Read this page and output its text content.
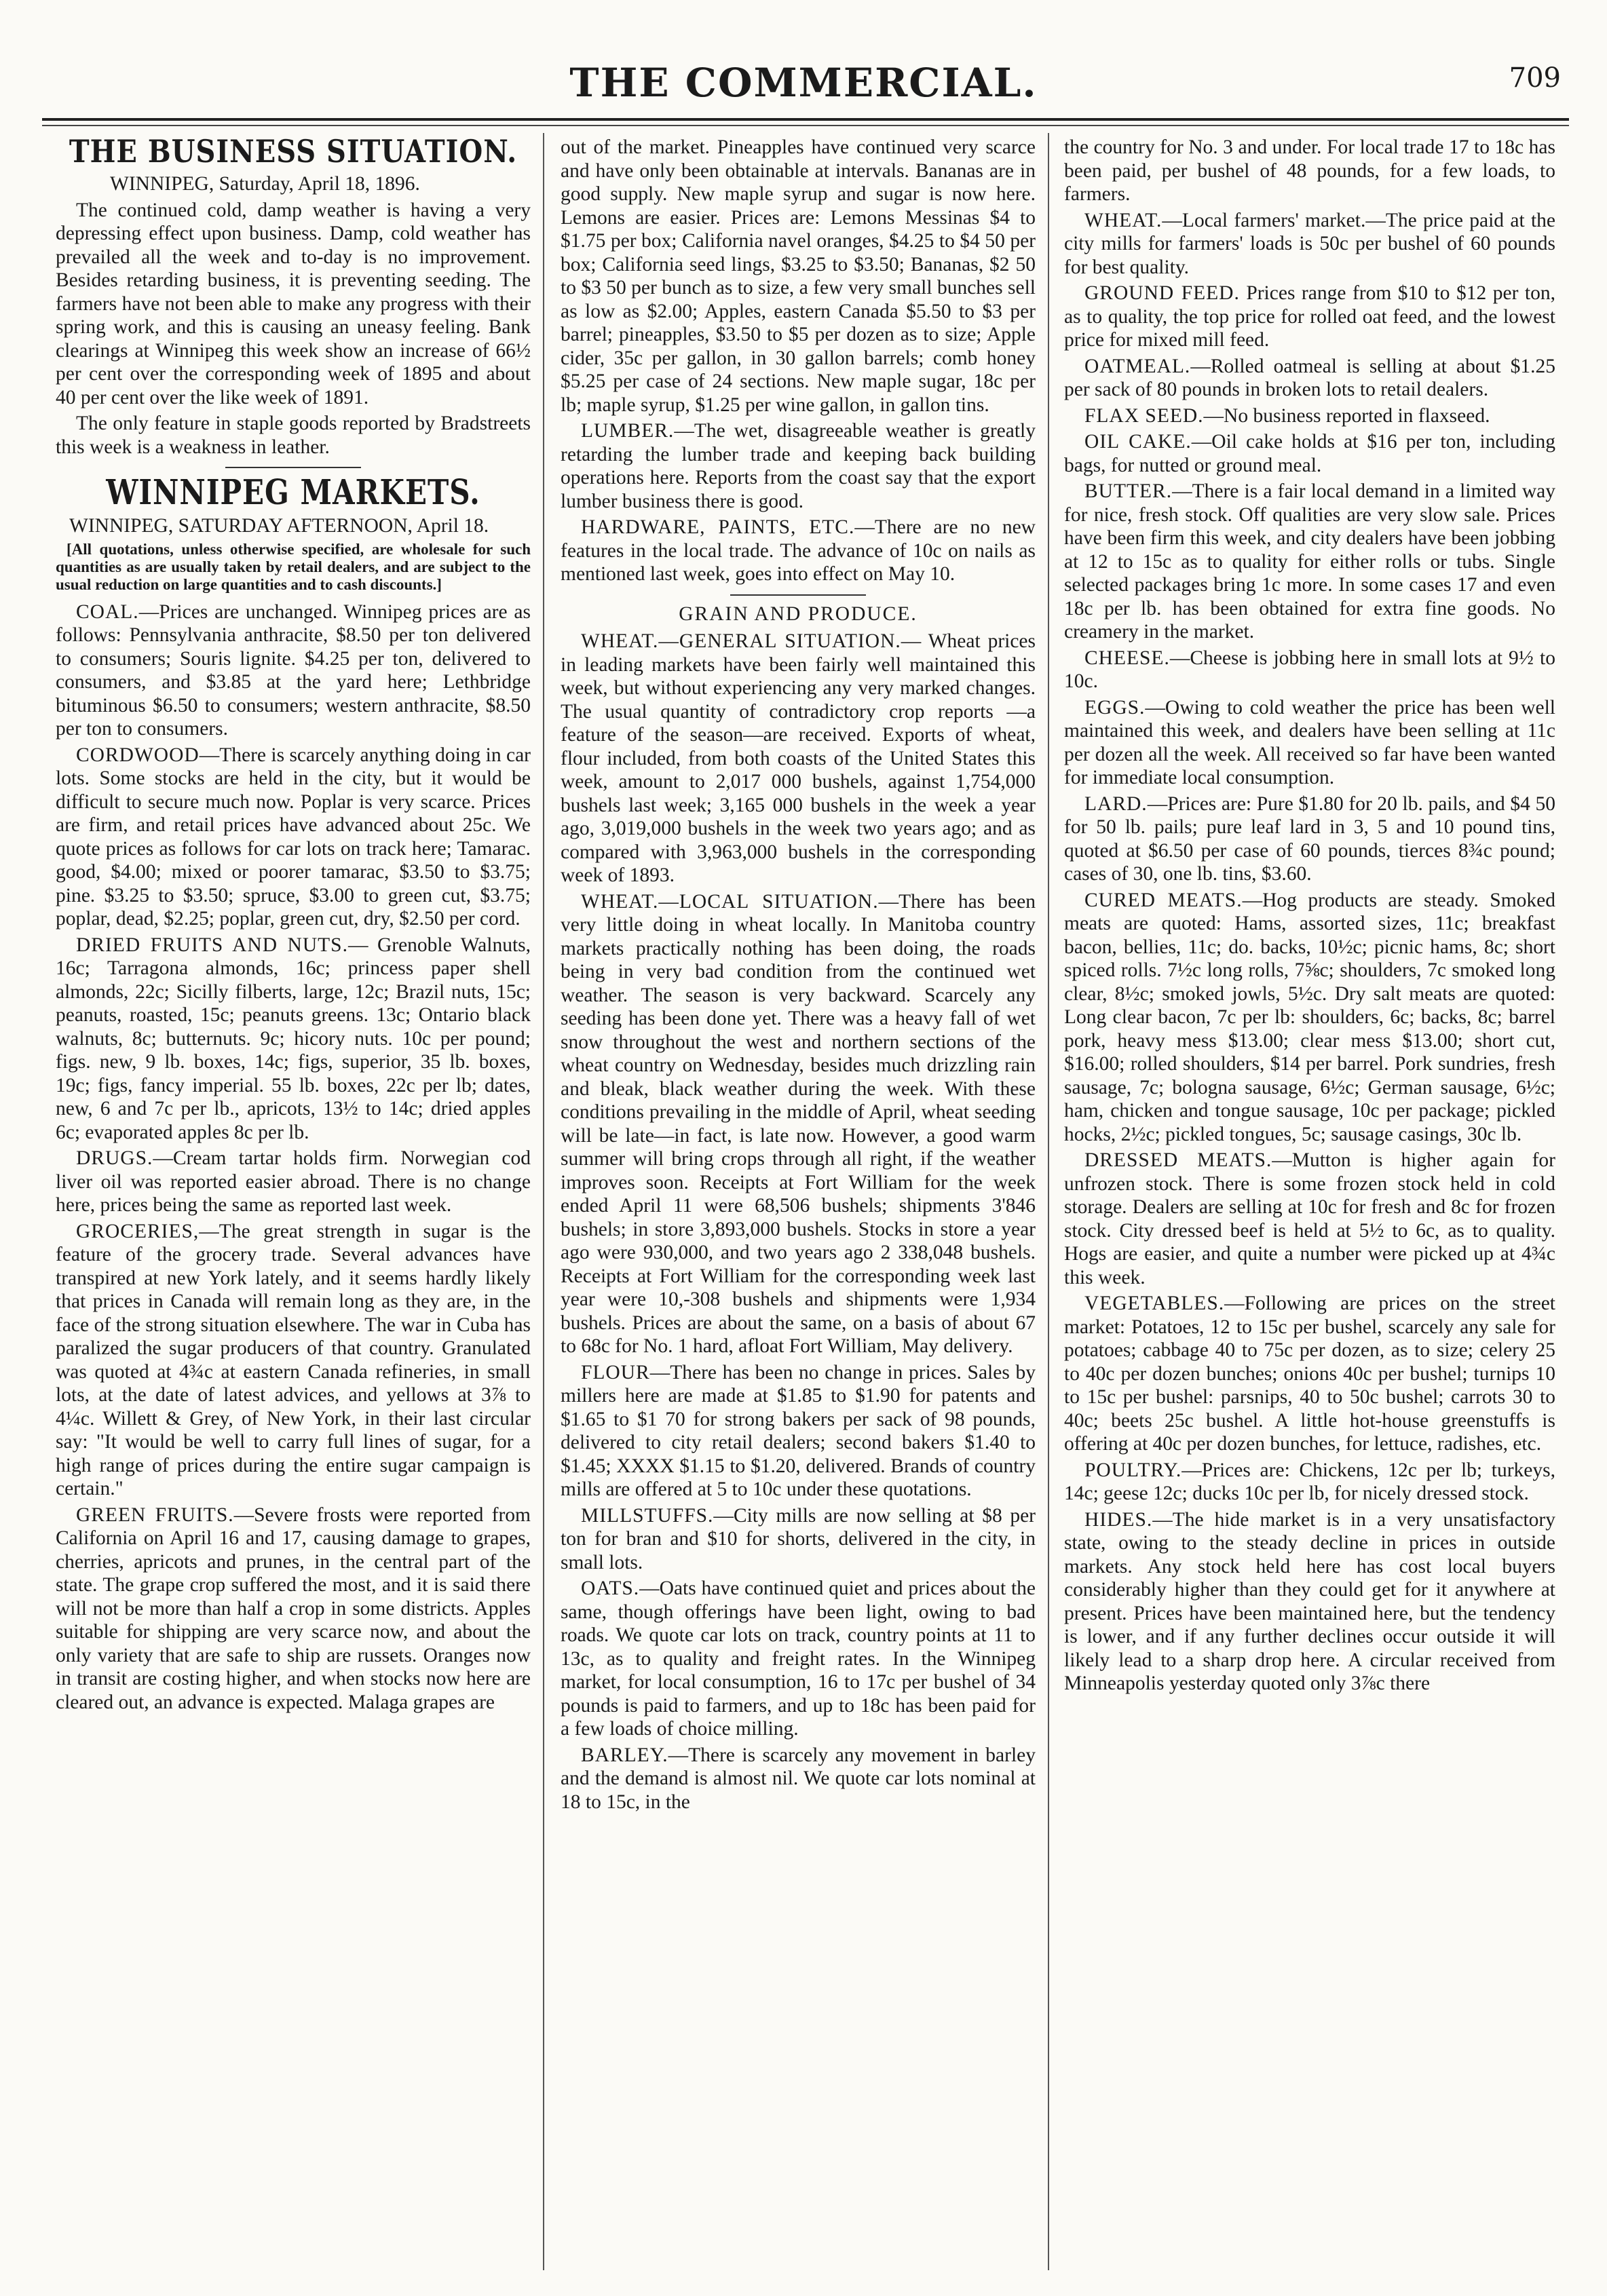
THE COMMERCIAL.	709
THE BUSINESS SITUATION.

WINNIPEG, Saturday, April 18, 1896.

The continued cold, damp weather is having a very depressing effect upon business. Damp, cold weather has prevailed all the week and to-day is no improvement. Besides retarding business, it is preventing seeding. The farmers have not been able to make any progress with their spring work, and this is causing an uneasy feeling. Bank clearings at Winnipeg this week show an increase of 66½ per cent over the corresponding week of 1895 and about 40 per cent over the like week of 1891.

The only feature in staple goods reported by Bradstreets this week is a weakness in leather.

WINNIPEG MARKETS.

WINNIPEG, SATURDAY AFTERNOON, April 18.

[All quotations, unless otherwise specified, are wholesale for such quantities as are usually taken by retail dealers, and are subject to the usual reduction on large quantities and to cash discounts.]

COAL.—Prices are unchanged. Winnipeg prices are as follows: Pennsylvania anthracite, $8.50 per ton delivered to consumers; Souris lignite. $4.25 per ton, delivered to consumers, and $3.85 at the yard here; Lethbridge bituminous $6.50 to consumers; western anthracite, $8.50 per ton to consumers.

CORDWOOD—There is scarcely anything doing in car lots. Some stocks are held in the city, but it would be difficult to secure much now. Poplar is very scarce. Prices are firm, and retail prices have advanced about 25c. We quote prices as follows for car lots on track here; Tamarac. good, $4.00; mixed or poorer tamarac, $3.50 to $3.75; pine. $3.25 to $3.50; spruce, $3.00 to green cut, $3.75; poplar, dead, $2.25; poplar, green cut, dry, $2.50 per cord.

DRIED FRUITS AND NUTS.— Grenoble Walnuts, 16c; Tarragona almonds, 16c; princess paper shell almonds, 22c; Sicilly filberts, large, 12c; Brazil nuts, 15c; peanuts, roasted, 15c; peanuts greens. 13c; Ontario black walnuts, 8c; butternuts. 9c; hicory nuts. 10c per pound; figs. new, 9 lb. boxes, 14c; figs, superior, 35 lb. boxes, 19c; figs, fancy imperial. 55 lb. boxes, 22c per lb; dates, new, 6 and 7c per lb., apricots, 13½ to 14c; dried apples 6c; evaporated apples 8c per lb.

DRUGS.—Cream tartar holds firm. Norwegian cod liver oil was reported easier abroad. There is no change here, prices being the same as reported last week.

GROCERIES,—The great strength in sugar is the feature of the grocery trade. Several advances have transpired at new York lately, and it seems hardly likely that prices in Canada will remain long as they are, in the face of the strong situation elsewhere. The war in Cuba has paralized the sugar producers of that country. Granulated was quoted at 4¾c at eastern Canada refineries, in small lots, at the date of latest advices, and yellows at 3⅞ to 4¼c. Willett & Grey, of New York, in their last circular say: "It would be well to carry full lines of sugar, for a high range of prices during the entire sugar campaign is certain."

GREEN FRUITS.—Severe frosts were reported from California on April 16 and 17, causing damage to grapes, cherries, apricots and prunes, in the central part of the state. The grape crop suffered the most, and it is said there will not be more than half a crop in some districts. Apples suitable for shipping are very scarce now, and about the only variety that are safe to ship are russets. Oranges now in transit are costing higher, and when stocks now here are cleared out, an advance is expected. Malaga grapes are

out of the market. Pineapples have continued very scarce and have only been obtainable at intervals. Bananas are in good supply. New maple syrup and sugar is now here. Lemons are easier. Prices are: Lemons Messinas $4 to $1.75 per box; California navel oranges, $4.25 to $4 50 per box; California seed lings, $3.25 to $3.50; Bananas, $2 50 to $3 50 per bunch as to size, a few very small bunches sell as low as $2.00; Apples, eastern Canada $5.50 to $3 per barrel; pineapples, $3.50 to $5 per dozen as to size; Apple cider, 35c per gallon, in 30 gallon barrels; comb honey $5.25 per case of 24 sections. New maple sugar, 18c per lb; maple syrup, $1.25 per wine gallon, in gallon tins.

LUMBER.—The wet, disagreeable weather is greatly retarding the lumber trade and keeping back building operations here. Reports from the coast say that the export lumber business there is good.

HARDWARE, PAINTS, ETC.—There are no new features in the local trade. The advance of 10c on nails as mentioned last week, goes into effect on May 10.

GRAIN AND PRODUCE.

WHEAT.—GENERAL SITUATION.— Wheat prices in leading markets have been fairly well maintained this week, but without experiencing any very marked changes. The usual quantity of contradictory crop reports —a feature of the season—are received. Exports of wheat, flour included, from both coasts of the United States this week, amount to 2,017 000 bushels, against 1,754,000 bushels last week; 3,165 000 bushels in the week a year ago, 3,019,000 bushels in the week two years ago; and as compared with 3,963,000 bushels in the corresponding week of 1893.

WHEAT.—LOCAL SITUATION.—There has been very little doing in wheat locally. In Manitoba country markets practically nothing has been doing, the roads being in very bad condition from the continued wet weather. The season is very backward. Scarcely any seeding has been done yet. There was a heavy fall of wet snow throughout the west and northern sections of the wheat country on Wednesday, besides much drizzling rain and bleak, black weather during the week. With these conditions prevailing in the middle of April, wheat seeding will be late—in fact, is late now. However, a good warm summer will bring crops through all right, if the weather improves soon. Receipts at Fort William for the week ended April 11 were 68,506 bushels; shipments 3'846 bushels; in store 3,893,000 bushels. Stocks in store a year ago were 930,000, and two years ago 2 338,048 bushels. Receipts at Fort William for the corresponding week last year were 10,-308 bushels and shipments were 1,934 bushels. Prices are about the same, on a basis of about 67 to 68c for No. 1 hard, afloat Fort William, May delivery.

FLOUR—There has been no change in prices. Sales by millers here are made at $1.85 to $1.90 for patents and $1.65 to $1 70 for strong bakers per sack of 98 pounds, delivered to city retail dealers; second bakers $1.40 to $1.45; XXXX $1.15 to $1.20, delivered. Brands of country mills are offered at 5 to 10c under these quotations.

MILLSTUFFS.—City mills are now selling at $8 per ton for bran and $10 for shorts, delivered in the city, in small lots.

OATS.—Oats have continued quiet and prices about the same, though offerings have been light, owing to bad roads. We quote car lots on track, country points at 11 to 13c, as to quality and freight rates. In the Winnipeg market, for local consumption, 16 to 17c per bushel of 34 pounds is paid to farmers, and up to 18c has been paid for a few loads of choice milling.

BARLEY.—There is scarcely any movement in barley and the demand is almost nil. We quote car lots nominal at 18 to 15c, in the

the country for No. 3 and under. For local trade 17 to 18c has been paid, per bushel of 48 pounds, for a few loads, to farmers.

WHEAT.—Local farmers' market.—The price paid at the city mills for farmers' loads is 50c per bushel of 60 pounds for best quality.

GROUND FEED. Prices range from $10 to $12 per ton, as to quality, the top price for rolled oat feed, and the lowest price for mixed mill feed.

OATMEAL.—Rolled oatmeal is selling at about $1.25 per sack of 80 pounds in broken lots to retail dealers.

FLAX SEED.—No business reported in flaxseed.

OIL CAKE.—Oil cake holds at $16 per ton, including bags, for nutted or ground meal.

BUTTER.—There is a fair local demand in a limited way for nice, fresh stock. Off qualities are very slow sale. Prices have been firm this week, and city dealers have been jobbing at 12 to 15c as to quality for either rolls or tubs. Single selected packages bring 1c more. In some cases 17 and even 18c per lb. has been obtained for extra fine goods. No creamery in the market.

CHEESE.—Cheese is jobbing here in small lots at 9½ to 10c.

EGGS.—Owing to cold weather the price has been well maintained this week, and dealers have been selling at 11c per dozen all the week. All received so far have been wanted for immediate local consumption.

LARD.—Prices are: Pure $1.80 for 20 lb. pails, and $4 50 for 50 lb. pails; pure leaf lard in 3, 5 and 10 pound tins, quoted at $6.50 per case of 60 pounds, tierces 8¾c pound; cases of 30, one lb. tins, $3.60.

CURED MEATS.—Hog products are steady. Smoked meats are quoted: Hams, assorted sizes, 11c; breakfast bacon, bellies, 11c; do. backs, 10½c; picnic hams, 8c; short spiced rolls. 7½c long rolls, 7⅝c; shoulders, 7c smoked long clear, 8½c; smoked jowls, 5½c. Dry salt meats are quoted: Long clear bacon, 7c per lb: shoulders, 6c; backs, 8c; barrel pork, heavy mess $13.00; clear mess $13.00; short cut, $16.00; rolled shoulders, $14 per barrel. Pork sundries, fresh sausage, 7c; bologna sausage, 6½c; German sausage, 6½c; ham, chicken and tongue sausage, 10c per package; pickled hocks, 2½c; pickled tongues, 5c; sausage casings, 30c lb.

DRESSED MEATS.—Mutton is higher again for unfrozen stock. There is some frozen stock held in cold storage. Dealers are selling at 10c for fresh and 8c for frozen stock. City dressed beef is held at 5½ to 6c, as to quality. Hogs are easier, and quite a number were picked up at 4¾c this week.

VEGETABLES.—Following are prices on the street market: Potatoes, 12 to 15c per bushel, scarcely any sale for potatoes; cabbage 40 to 75c per dozen, as to size; celery 25 to 40c per dozen bunches; onions 40c per bushel; turnips 10 to 15c per bushel: parsnips, 40 to 50c bushel; carrots 30 to 40c; beets 25c bushel. A little hot-house greenstuffs is offering at 40c per dozen bunches, for lettuce, radishes, etc.

POULTRY.—Prices are: Chickens, 12c per lb; turkeys, 14c; geese 12c; ducks 10c per lb, for nicely dressed stock.

HIDES.—The hide market is in a very unsatisfactory state, owing to the steady decline in prices in outside markets. Any stock held here has cost local buyers considerably higher than they could get for it anywhere at present. Prices have been maintained here, but the tendency is lower, and if any further declines occur outside it will likely lead to a sharp drop here. A circular received from Minneapolis yesterday quoted only 3⅞c there
